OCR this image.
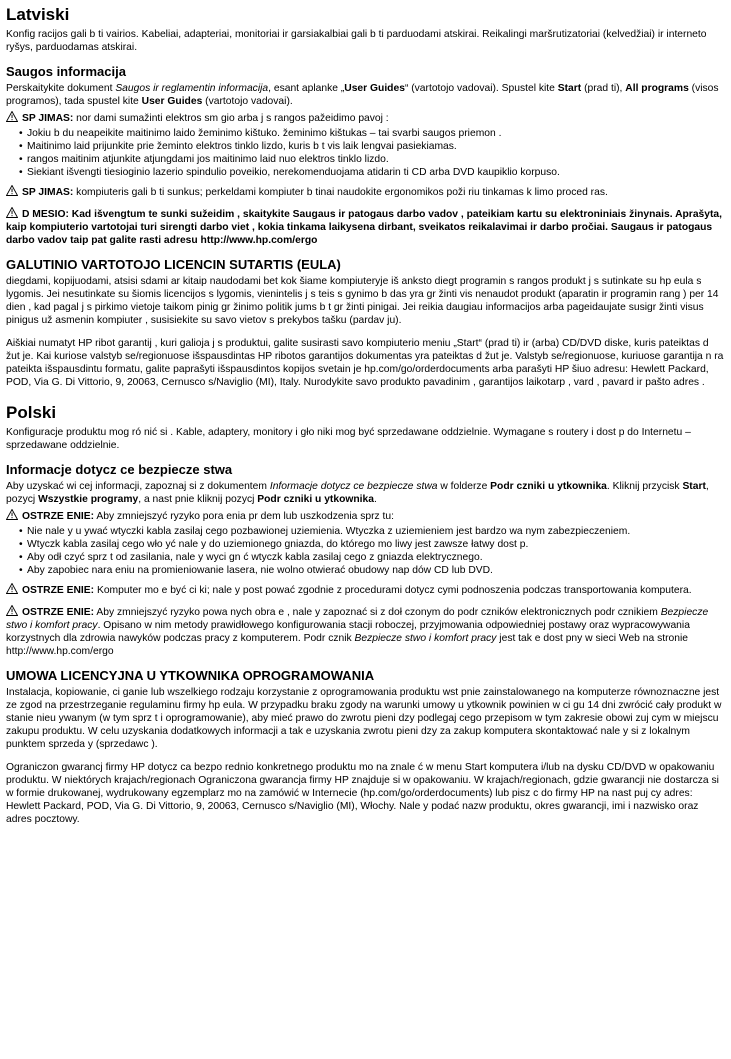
Latviski

Konfig racijos gali b ti vairios. Kabeliai, adapteriai, monitoriai ir garsiakalbiai gali b ti parduodami atskirai. Reikalingi maršrutizatoriai (kelvedžiai) ir interneto ryšys, parduodamas atskirai.

Saugos informacija

Perskaitykite dokument Saugos ir reglamentin informacija, esant aplanke „User Guides“ (vartotojo vadovai). Spustel kite Start (prad ti), All programs (visos programos), tada spustel kite User Guides (vartotojo vadovai).

SP JIMAS: nor dami sumažinti elektros sm gio arba j s rangos pažeidimo pavoj :

• Jokiu b du neapeikite maitinimo laido žeminimo kištuko. žeminimo kištukas – tai svarbi saugos priemon .
• Maitinimo laid prijunkite prie žeminto elektros tinklo lizdo, kuris b t vis laik lengvai pasiekiamas.
• rangos maitinim atjunkite atjungdami jos maitinimo laid nuo elektros tinklo lizdo.
• Siekiant išvengti tiesioginio lazerio spindulio poveikio, nerekomenduojama atidarin ti CD arba DVD kaupiklio korpuso.

SP JIMAS: kompiuteris gali b ti sunkus; perkeldami kompiuter b tinai naudokite ergonomikos poži riu tinkamas k limo proced ras.

D MESIO: Kad išvengtum te sunki sužeidim , skaitykite Saugaus ir patogaus darbo vadov , pateikiam kartu su elektroniniais žinynais. Aprašyta, kaip kompiuterio vartotojai turi sirengti darbo viet , kokia tinkama laikysena dirbant, sveikatos reikalavimai ir darbo pročiai. Saugaus ir patogaus darbo vadov taip pat galite rasti adresu http://www.hp.com/ergo

GALUTINIO VARTOTOJO LICENCIN SUTARTIS (EULA)

diegdami, kopijuodami, atsisi sdami ar kitaip naudodami bet kok šiame kompiuteryje iš anksto diegt programin s rangos produkt j s sutinkate su hp eula s lygomis. Jei nesutinkate su šiomis licencijos s lygomis, vienintelis j s teis s gynimo b das yra gr žinti vis nenaudot produkt (aparatin ir programin rang ) per 14 dien , kad pagal j s pirkimo vietoje taikom pinig gr žinimo politik jums b t gr žinti pinigai. Jei reikia daugiau informacijos arba pageidaujate susigr žinti visus pinigus už asmenin kompiuter , susisiekite su savo vietov s prekybos tašku (pardav ju).

Aiškiai numatyt HP ribot garantij , kuri galioja j s produktui, galite susirasti savo kompiuterio meniu „Start“ (prad ti) ir (arba) CD/DVD diske, kuris pateiktas d žut je. Kai kuriose valstyb se/regionuose išspausdintas HP ribotos garantijos dokumentas yra pateiktas d žut je. Valstyb se/regionuose, kuriuose garantija n ra pateikta išspausdintu formatu, galite paprašyti išspausdintos kopijos svetain je hp.com/go/orderdocuments arba parašyti HP šiuo adresu: Hewlett Packard, POD, Via G. Di Vittorio, 9, 20063, Cernusco s/Naviglio (MI), Italy. Nurodykite savo produkto pavadinim , garantijos laikotarp , vard , pavard ir pašto adres .

Polski

Konfiguracje produktu mog ró nić si . Kable, adaptery, monitory i gło niki mog być sprzedawane oddzielnie. Wymagane s routery i dost p do Internetu – sprzedawane oddzielnie.

Informacje dotycz ce bezpiecze stwa

Aby uzyskać wi cej informacji, zapoznaj si z dokumentem Informacje dotycz ce bezpiecze stwa w folderze Podr czniki u ytkownika. Kliknij przycisk Start, pozycj Wszystkie programy, a nast pnie kliknij pozycj Podr czniki u ytkownika.

OSTRZE ENIE: Aby zmniejszyć ryzyko pora enia pr dem lub uszkodzenia sprz tu:

• Nie nale y u ywać wtyczki kabla zasilaj cego pozbawionej uziemienia. Wtyczka z uziemieniem jest bardzo wa nym zabezpieczeniem.
• Wtyczk kabla zasilaj cego wło yć nale y do uziemionego gniazda, do którego mo liwy jest zawsze łatwy dost p.
• Aby odł czyć sprz t od zasilania, nale y wyci gn ć wtyczk kabla zasilaj cego z gniazda elektrycznego.
• Aby zapobiec nara eniu na promieniowanie lasera, nie wolno otwierać obudowy nap dów CD lub DVD.

OSTRZE ENIE: Komputer mo e być ci ki; nale y post pować zgodnie z procedurami dotycz cymi podnoszenia podczas transportowania komputera.

OSTRZE ENIE: Aby zmniejszyć ryzyko powa nych obra e , nale y zapoznać si z doł czonym do podr czników elektronicznych podr cznikiem Bezpiecze stwo i komfort pracy. Opisano w nim metody prawidłowego konfigurowania stacji roboczej, przyjmowania odpowiedniej postawy oraz wypracowywania korzystnych dla zdrowia nawyków podczas pracy z komputerem. Podr cznik Bezpiecze stwo i komfort pracy jest tak e dost pny w sieci Web na stronie http://www.hp.com/ergo

UMOWA LICENCYJNA U YTKOWNIKA OPROGRAMOWANIA

Instalacja, kopiowanie, ci ganie lub wszelkiego rodzaju korzystanie z oprogramowania produktu wst pnie zainstalowanego na komputerze równoznaczne jest ze zgod na przestrzeganie regulaminu firmy hp eula. W przypadku braku zgody na warunki umowy u ytkownik powinien w ci gu 14 dni zwrócić cały produkt w stanie nieu ywanym (w tym sprz t i oprogramowanie), aby mieć prawo do zwrotu pieni dzy podlegaj cego przepisom w tym zakresie obowi zuj cym w miejscu zakupu produktu. W celu uzyskania dodatkowych informacji a tak e uzyskania zwrotu pieni dzy za zakup komputera skontaktować nale y si z lokalnym punktem sprzeda y (sprzedawc ).

Ograniczon gwarancj firmy HP dotycz ca bezpo rednio konkretnego produktu mo na znale ć w menu Start komputera i/lub na dysku CD/DVD w opakowaniu produktu. W niektórych krajach/regionach Ograniczona gwarancja firmy HP znajduje si w opakowaniu. W krajach/regionach, gdzie gwarancji nie dostarcza si w formie drukowanej, wydrukowany egzemplarz mo na zamówić w Internecie (hp.com/go/orderdocuments) lub pisz c do firmy HP na nast puj cy adres: Hewlett Packard, POD, Via G. Di Vittorio, 9, 20063, Cernusco s/Naviglio (MI), Włochy. Nale y podać nazw produktu, okres gwarancji, imi i nazwisko oraz adres pocztowy.
